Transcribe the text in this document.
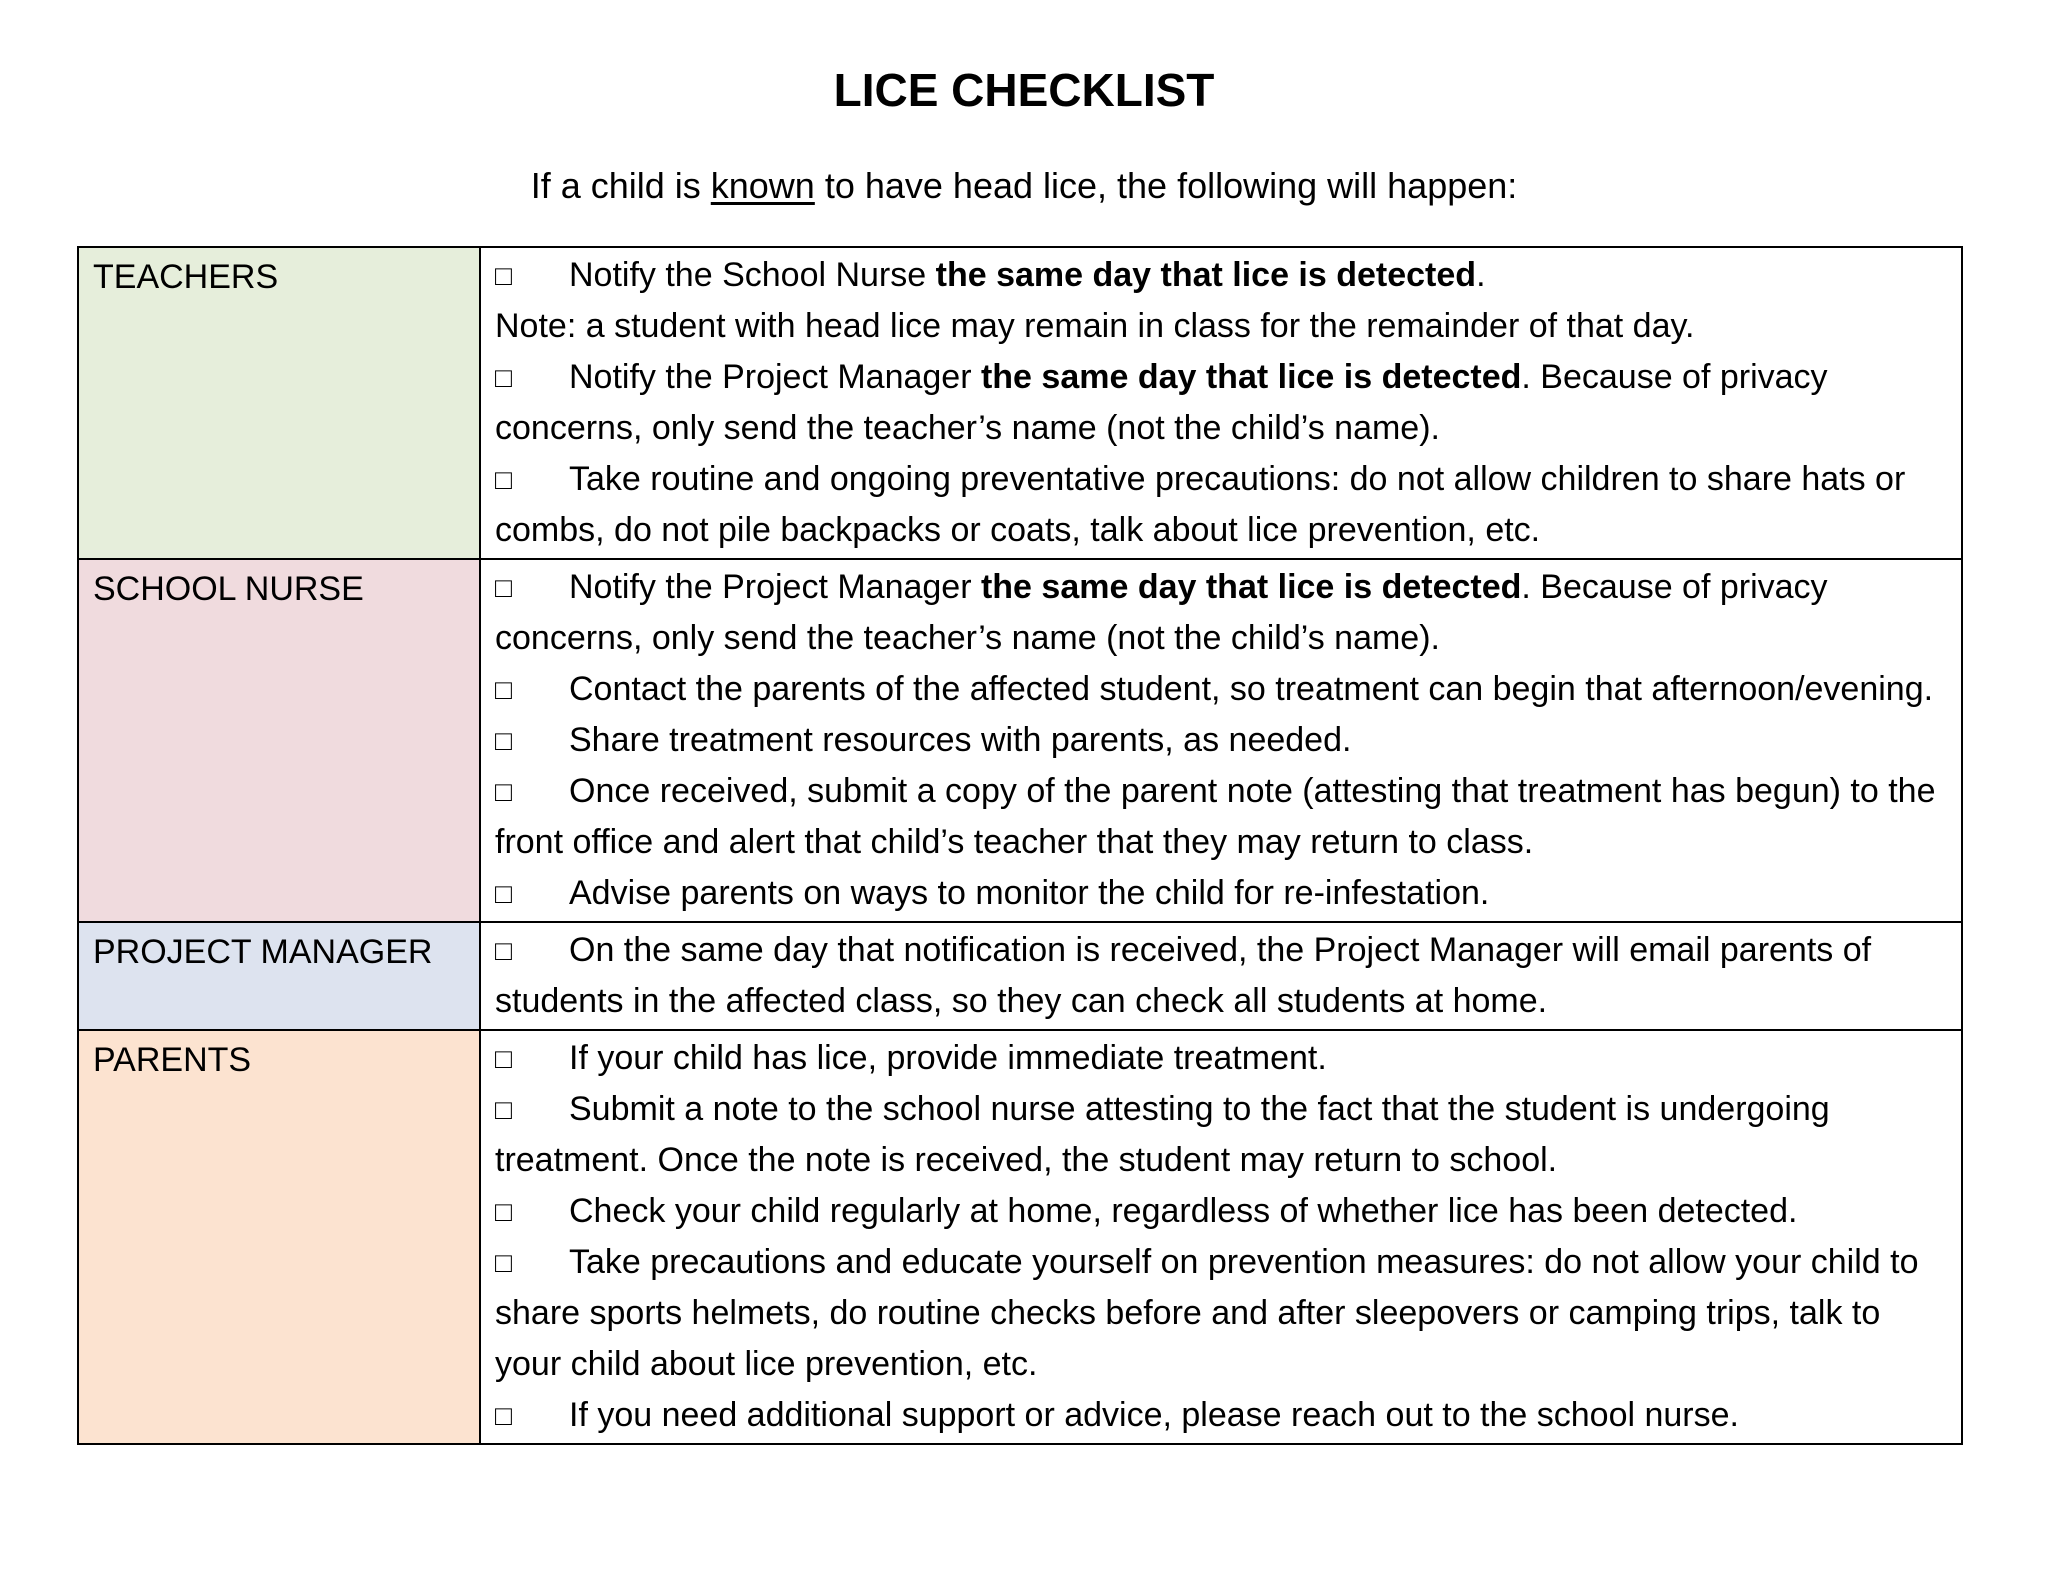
LICE CHECKLIST
If a child is known to have head lice, the following will happen:
TEACHERS	□ Notify the School Nurse the same day that lice is detected.
Note: a student with head lice may remain in class for the remainder of that day.
□ Notify the Project Manager the same day that lice is detected. Because of privacy concerns, only send the teacher’s name (not the child’s name).
□ Take routine and ongoing preventative precautions: do not allow children to share hats or combs, do not pile backpacks or coats, talk about lice prevention, etc.

SCHOOL NURSE	□ Notify the Project Manager the same day that lice is detected. Because of privacy concerns, only send the teacher’s name (not the child’s name).
□ Contact the parents of the affected student, so treatment can begin that afternoon/evening.
□ Share treatment resources with parents, as needed.
□ Once received, submit a copy of the parent note (attesting that treatment has begun) to the front office and alert that child’s teacher that they may return to class.
□ Advise parents on ways to monitor the child for re-infestation.

PROJECT MANAGER	□ On the same day that notification is received, the Project Manager will email parents of students in the affected class, so they can check all students at home.

PARENTS	□ If your child has lice, provide immediate treatment.
□ Submit a note to the school nurse attesting to the fact that the student is undergoing treatment. Once the note is received, the student may return to school.
□ Check your child regularly at home, regardless of whether lice has been detected.
□ Take precautions and educate yourself on prevention measures: do not allow your child to share sports helmets, do routine checks before and after sleepovers or camping trips, talk to your child about lice prevention, etc.
□ If you need additional support or advice, please reach out to the school nurse.
